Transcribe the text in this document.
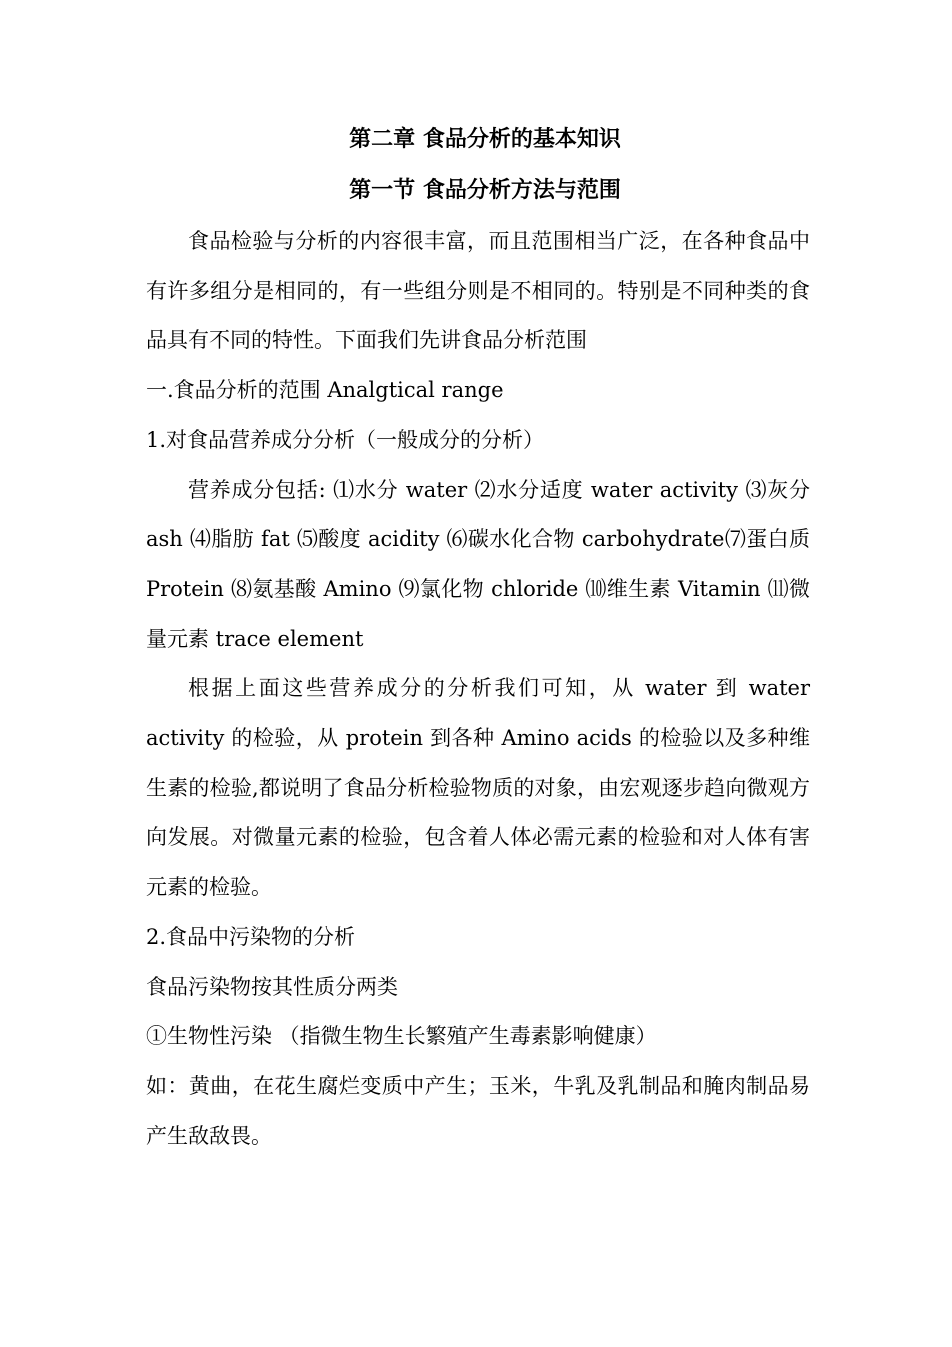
第二章 食品分析的基本知识
第一节 食品分析方法与范围

食品检验与分析的内容很丰富，而且范围相当广泛，在各种食品中有许多组分是相同的，有一些组分则是不相同的。特别是不同种类的食品具有不同的特性。下面我们先讲食品分析范围

一.食品分析的范围 Analgtical range

1.对食品营养成分分析（一般成分的分析）

营养成分包括: ⑴水分 water ⑵水分适度 water activity ⑶灰分 ash ⑷脂肪 fat ⑸酸度 acidity ⑹碳水化合物 carbohydrate⑺蛋白质 Protein ⑻氨基酸 Amino ⑼氯化物 chloride ⑽维生素 Vitamin ⑾微量元素 trace element

根据上面这些营养成分的分析我们可知，从 water 到 water activity 的检验，从 protein 到各种 Amino acids 的检验以及多种维生素的检验,都说明了食品分析检验物质的对象，由宏观逐步趋向微观方向发展。对微量元素的检验，包含着人体必需元素的检验和对人体有害元素的检验。

2.食品中污染物的分析

食品污染物按其性质分两类

①生物性污染 （指微生物生长繁殖产生毒素影响健康）

如：黄曲，在花生腐烂变质中产生；玉米，牛乳及乳制品和腌肉制品易产生敌敌畏。
